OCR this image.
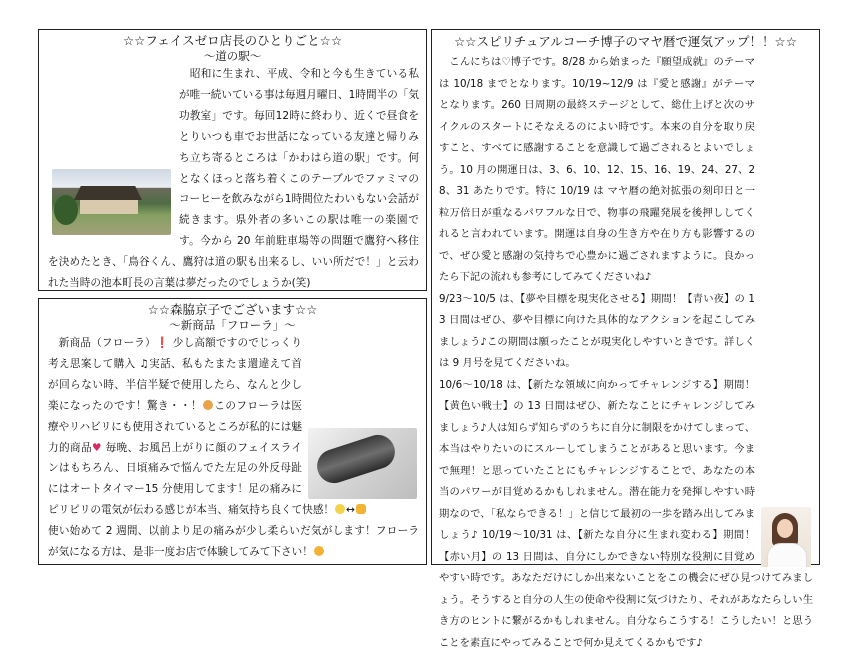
☆☆フェイスゼロ店長のひとりごと☆☆
～道の駅～
　昭和に生まれ、平成、令和と今も生きている私が唯一続いている事は毎週月曜日、1時間半の「気功教室」です。毎回12時に終わり、近くで昼食をとりいつも車でお世話になっている友達と帰りみち立ち寄るところは「かわはら道の駅」です。何となくほっと落ち着くこのテーブルでファミマのコーヒーを飲みながら1時間位たわいもない会話が続きます。県外者の多いこの駅は唯一の楽園です。今から 20 年前駐車場等の問題で鷹狩へ移住を決めたとき、「鳥谷くん、鷹狩は道の駅も出来るし、いい所だで！」と云われた当時の池本町長の言葉は夢だったのでしょうか(笑)
☆☆森脇京子でございます☆☆
～新商品「フローラ」～
　新商品（フローラ）❗ 少し高額ですのでじっくり考え思案して購入 ♫実話、私もたまたま還違えて首が回らない時、半信半疑で使用したら、なんと少し楽になったのです！驚き・・！ このフローラは医療やリハビリにも使用されているところが私的には魅力的商品♥ 毎晩、お風呂上がりに顔のフェイスラインはもちろん、日頃痛みで悩んでた左足の外反母趾にはオートタイマー15 分使用してます！足の痛みにピリピリの電気が伝わる感じが本当、痛気持ち良くて快感！ ↔
使い始めて 2 週間、以前より足の痛みが少し柔らいだ気がします！フローラが気になる方は、是非一度お店で体験してみて下さい！
☆☆スピリチュアルコーチ博子のマヤ暦で運気アップ！！☆☆
　こんにちは♡博子です。8/28 から始まった『願望成就』のテーマは 10/18 までとなります。10/19~12/9 は『愛と感謝』がテーマとなります。260 日周期の最終ステージとして、総仕上げと次のサイクルのスタートにそなえるのによい時です。本来の自分を取り戻すこと、すべてに感謝することを意識して過ごされるとよいでしょう。10 月の開運日は、3、6、10、12、15、16、19、24、27、28、31 あたりです。特に 10/19 は マヤ暦の絶対拡張の刻印日と一粒万倍日が重なるパワフルな日で、物事の飛躍発展を後押ししてくれると言われています。開運は自身の生き方や在り方も影響するので、ぜひ愛と感謝の気持ちで心豊かに過ごされますように。良かったら下記の流れも参考にしてみてくださいね♪
9/23～10/5 は、【夢や目標を現実化させる】期間！【青い夜】の 13 日間はぜひ、夢や目標に向けた具体的なアクションを起こしてみましょう♪この期間は願ったことが現実化しやすいときです。詳しくは 9 月号を見てくださいね。
10/6～10/18 は、【新たな領域に向かってチャレンジする】期間！【黄色い戦士】の 13 日間はぜひ、新たなことにチャレンジしてみましょう♪人は知らず知らずのうちに自分に制限をかけてしまって、本当はやりたいのにスルーしてしまうことがあると思います。今まで無理！と思っていたことにもチャレンジすることで、あなたの本当のパワーが目覚めるかもしれません。潜在能力を発揮しやすい時期なので、「私ならできる！」と信じて最初の一歩を踏み出してみましょう♪ 10/19～10/31 は、【新たな自分に生まれ変わる】期間！【赤い月】の 13 日間は、自分にしかできない特別な役割に目覚めやすい時です。あなただけにしか出来ないことをこの機会にぜひ見つけてみましょう。そうすると自分の人生の使命や役割に気づけたり、それがあなたらしい生き方のヒントに繋がるかもしれません。自分ならこうする！こうしたい！と思うことを素直にやってみることで何か見えてくるかもです♪
